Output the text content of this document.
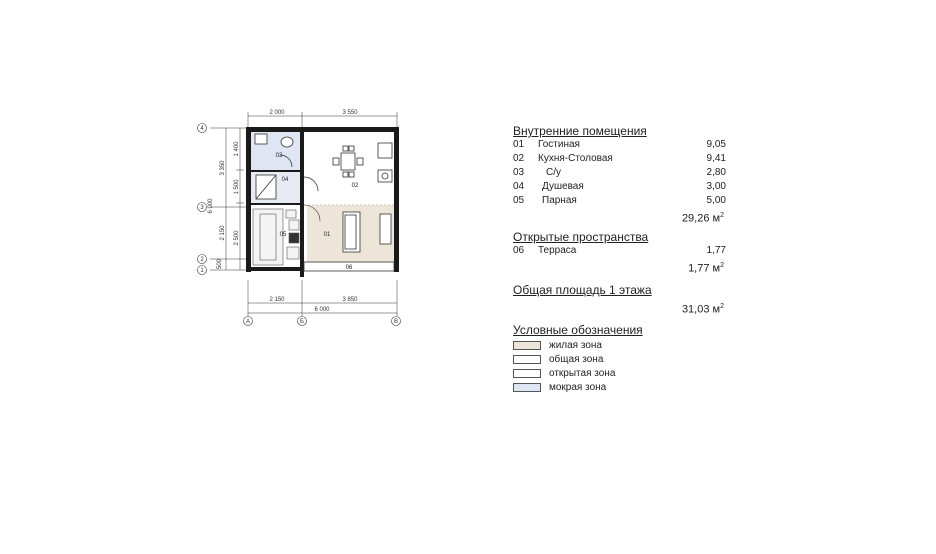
4
3
2
1
A	Б	В
2 000	3 550
2 150	3 850
6 000
3 350
2 150
500
6 000
1 400
1 500
2 500	01
02
03
04
05
06

Внутренние помещения

01	Гостиная	9,05
02	Кухня-Столовая	9,41
03	С/у	2,80
04	Душевая	3,00
05	Парная	5,00
29,26 $м^2$

Открытые пространства

06	Терраса	1,77
1,77 $м^2$

Общая площадь 1 этажа

31,03 $м^2$

Условные обозначения

жилая зона
общая зона
открытая зона
мокрая зона
